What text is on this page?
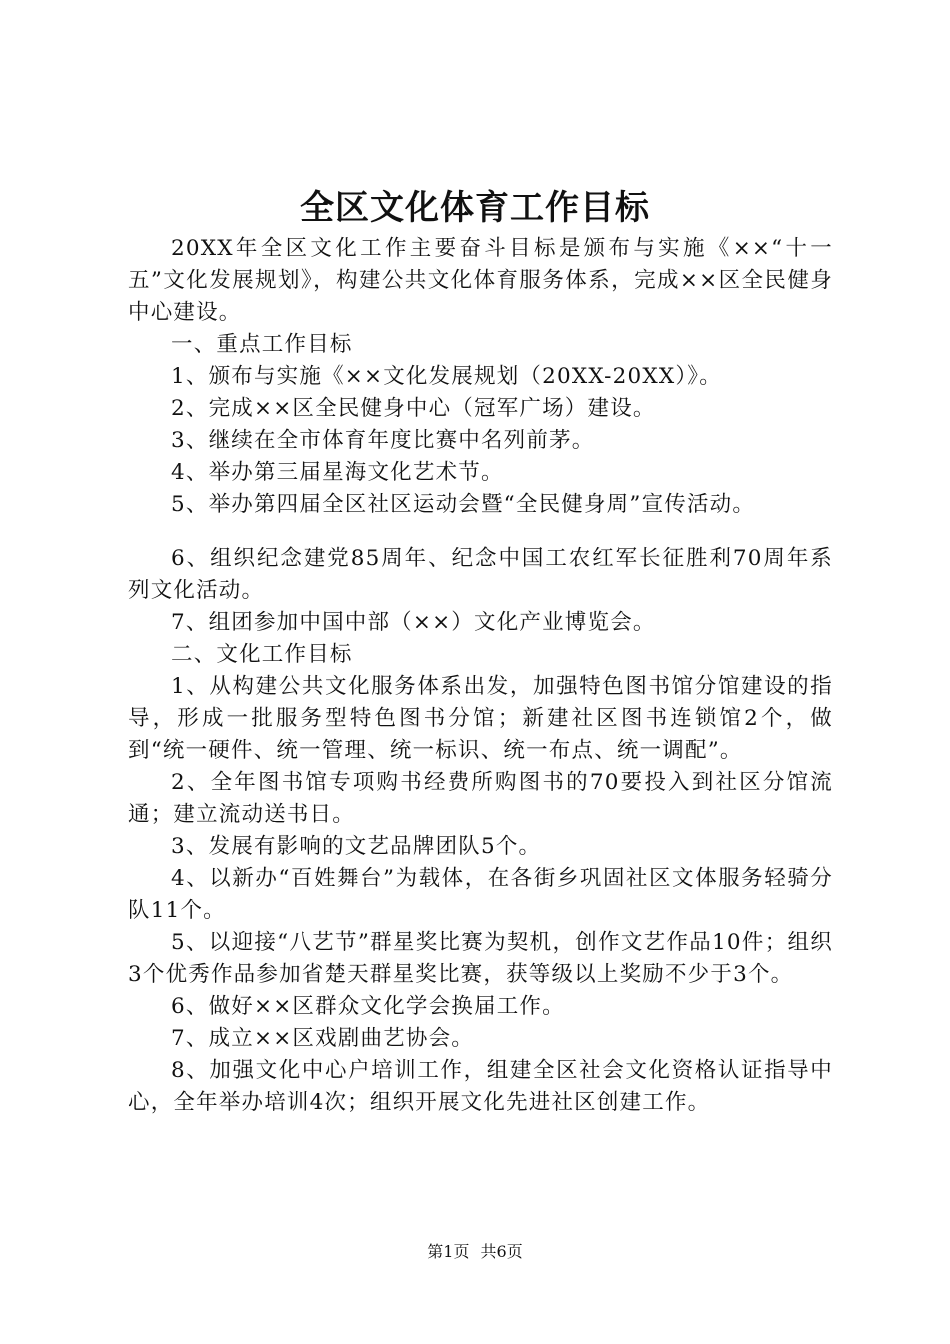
全区文化体育工作目标

20XX年全区文化工作主要奋斗目标是颁布与实施《××“十一五”文化发展规划》，构建公共文化体育服务体系，完成××区全民健身中心建设。

一、重点工作目标

1、颁布与实施《××文化发展规划（20XX-20XX）》。

2、完成××区全民健身中心（冠军广场）建设。

3、继续在全市体育年度比赛中名列前茅。

4、举办第三届星海文化艺术节。

5、举办第四届全区社区运动会暨“全民健身周”宣传活动。

6、组织纪念建党85周年、纪念中国工农红军长征胜利70周年系列文化活动。

7、组团参加中国中部（××）文化产业博览会。

二、文化工作目标

1、从构建公共文化服务体系出发，加强特色图书馆分馆建设的指导，形成一批服务型特色图书分馆；新建社区图书连锁馆2个，做到“统一硬件、统一管理、统一标识、统一布点、统一调配”。

2、全年图书馆专项购书经费所购图书的70要投入到社区分馆流通；建立流动送书日。

3、发展有影响的文艺品牌团队5个。

4、以新办“百姓舞台”为载体，在各街乡巩固社区文体服务轻骑分队11个。

5、以迎接“八艺节”群星奖比赛为契机，创作文艺作品10件；组织3个优秀作品参加省楚天群星奖比赛，获等级以上奖励不少于3个。

6、做好××区群众文化学会换届工作。

7、成立××区戏剧曲艺协会。

8、加强文化中心户培训工作，组建全区社会文化资格认证指导中心，全年举办培训4次；组织开展文化先进社区创建工作。

第1页 共6页
